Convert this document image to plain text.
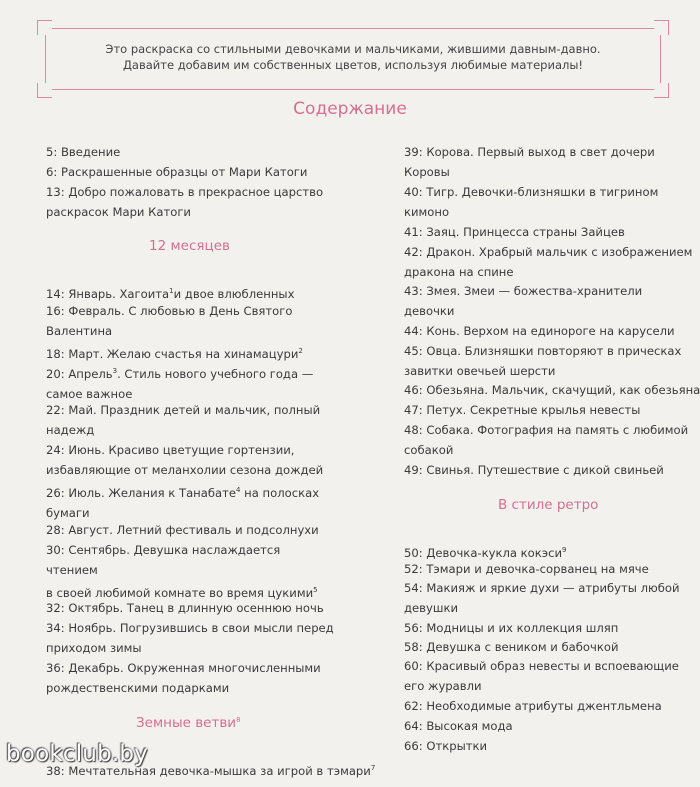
Это раскраска со стильными девочками и мальчиками, жившими давным-давно.
Давайте добавим им собственных цветов, используя любимые материалы!
Содержание
5: Введение
6: Раскрашенные образцы от Мари Катоги
13: Добро пожаловать в прекрасное царство
раскрасок Мари Катоги
12 месяцев
14: Январь. Хагоита$^1$и двое влюбленных
16: Февраль. С любовью в День Святого
Валентина
18: Март. Желаю счастья на хинамацури$^2$
20: Апрель$^3$. Стиль нового учебного года —
самое важное
22: Май. Праздник детей и мальчик, полный
надежд
24: Июнь. Красиво цветущие гортензии,
избавляющие от меланхолии сезона дождей
26: Июль. Желания к Танабате$^4$ на полосках
бумаги
28: Август. Летний фестиваль и подсолнухи
30: Сентябрь. Девушка наслаждается
чтением
в своей любимой комнате во время цукими$^5$
32: Октябрь. Танец в длинную осеннюю ночь
34: Ноябрь. Погрузившись в свои мысли перед
приходом зимы
36: Декабрь. Окруженная многочисленными
рождественскими подарками
Земные ветви$^8$
38: Мечтательная девочка-мышка за игрой в тэмари$^7$
39: Корова. Первый выход в свет дочери
Коровы
40: Тигр. Девочки-близняшки в тигрином
кимоно
41: Заяц. Принцесса страны Зайцев
42: Дракон. Храбрый мальчик с изображением
дракона на спине
43: Змея. Змеи — божества-хранители
девочки
44: Конь. Верхом на единороге на карусели
45: Овца. Близняшки повторяют в прическах
завитки овечьей шерсти
46: Обезьяна. Мальчик, скачущий, как обезьяна
47: Петух. Секретные крылья невесты
48: Собака. Фотография на память с любимой
собакой
49: Свинья. Путешествие с дикой свиньей
В стиле ретро
50: Девочка-кукла кокэси$^9$
52: Тэмари и девочка-сорванец на мяче
54: Макияж и яркие духи — атрибуты любой
девушки
56: Модницы и их коллекция шляп
58: Девушка с веником и бабочкой
60: Красивый образ невесты и вспоевающие
его журавли
62: Необходимые атрибуты джентльмена
64: Высокая мода
66: Открытки
bookclub.by
